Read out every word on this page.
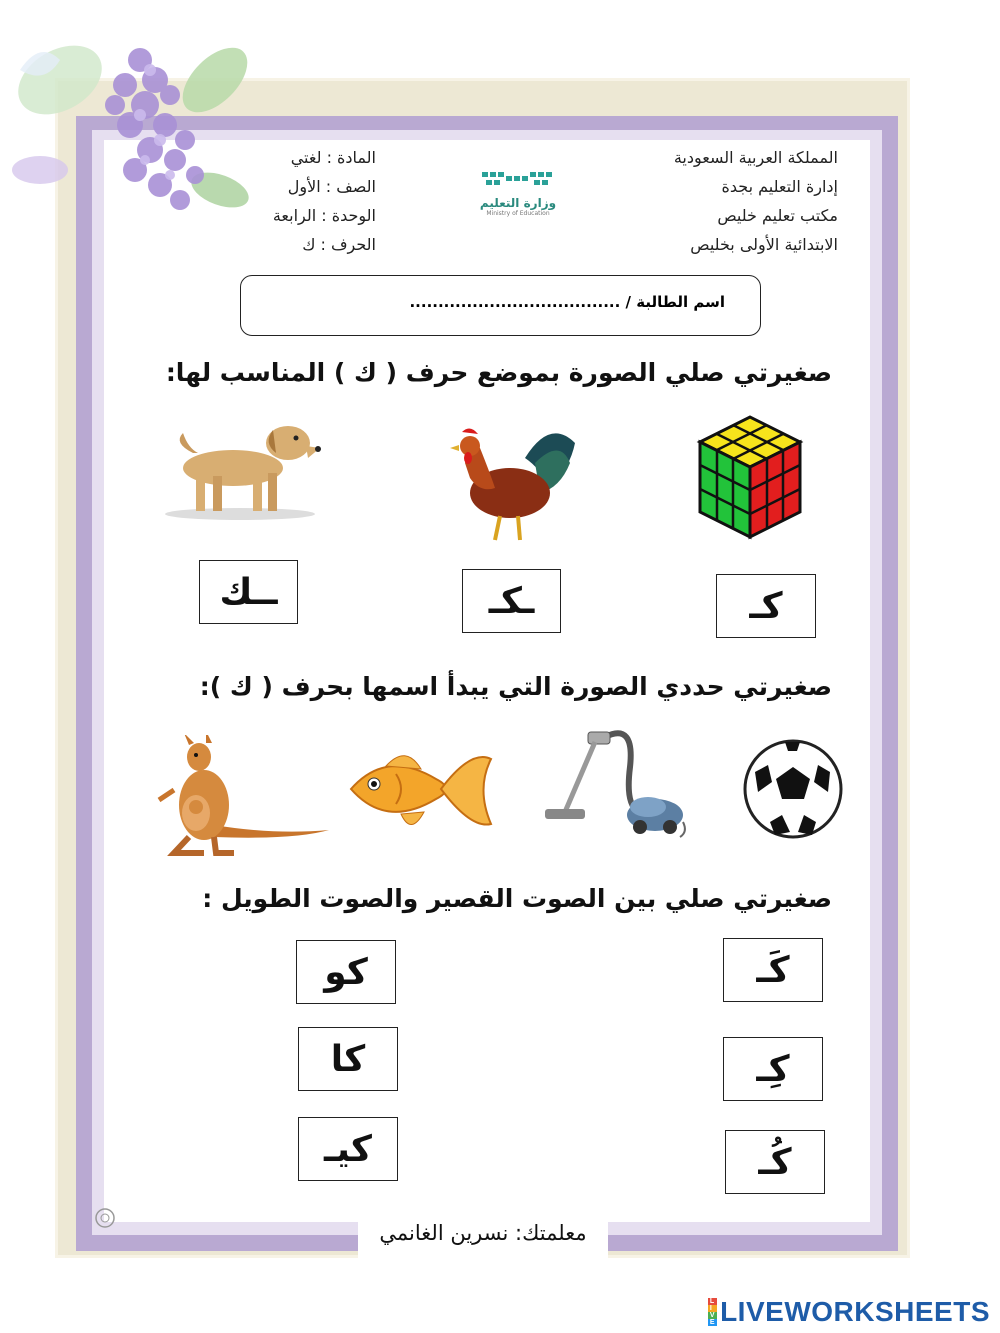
المملكة العربية السعودية
إدارة التعليم بجدة
مكتب تعليم خليص
الابتدائية الأولى بخليص
المادة : لغتي
الصف : الأول
الوحدة : الرابعة
الحرف : ك
وزارة التعليم
Ministry of Education
اسم الطالبة / .....................................
صغيرتي صلي الصورة بموضع حرف ( ك ) المناسب لها:
كـ
ـكـ
ــك
صغيرتي حددي الصورة التي يبدأ اسمها بحرف ( ك ):
صغيرتي صلي بين الصوت القصير والصوت الطويل :
كَـ
كِـ
كُـ
كو
كا
كيـ
معلمتك: نسرين الغانمي
L
I
V
E LIVEWORKSHEETS
